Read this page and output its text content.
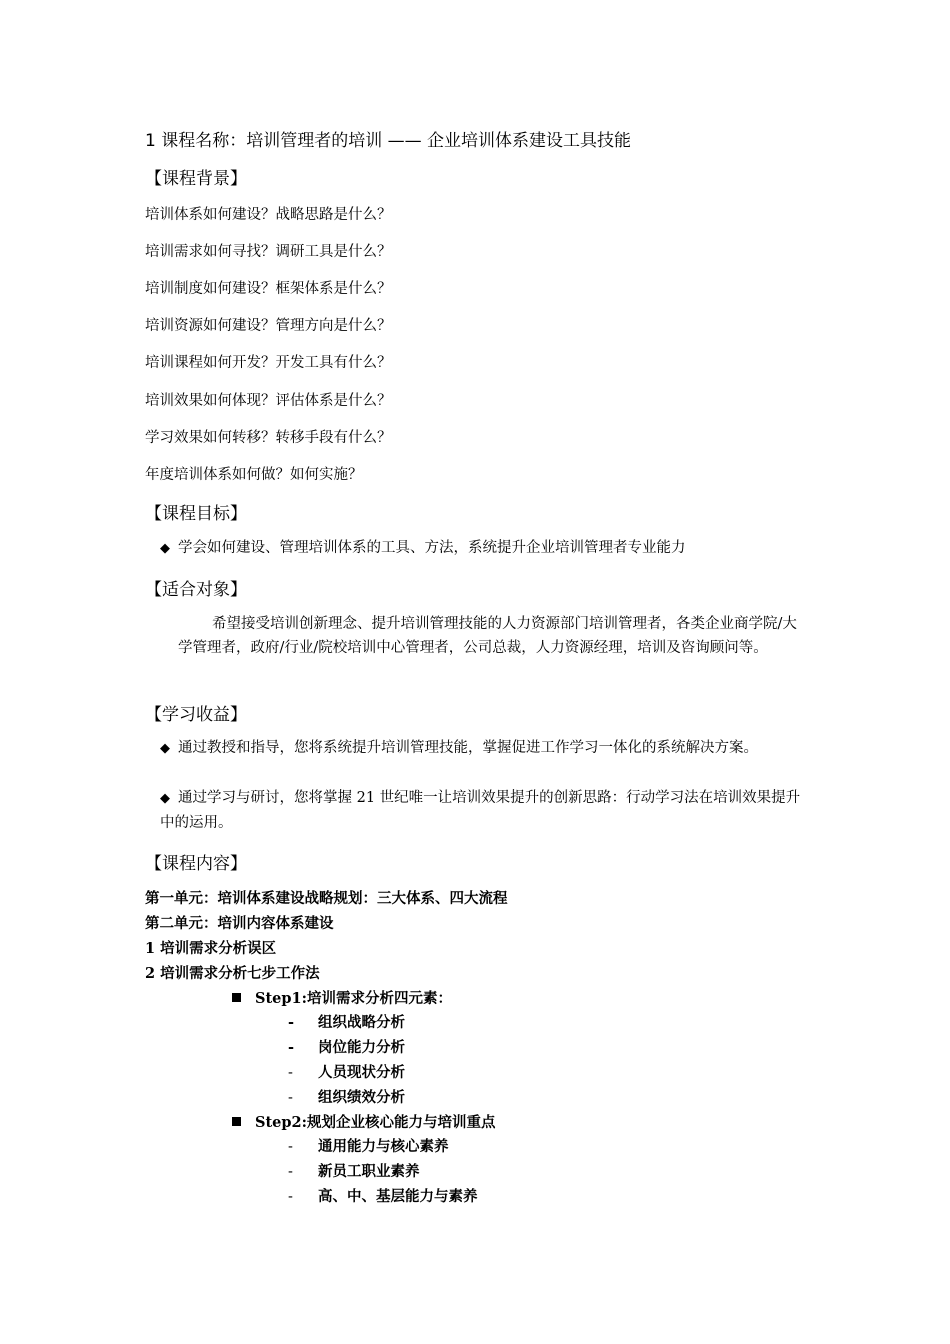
1 课程名称：培训管理者的培训 —— 企业培训体系建设工具技能
【课程背景】
培训体系如何建设？战略思路是什么？
培训需求如何寻找？调研工具是什么？
培训制度如何建设？框架体系是什么？
培训资源如何建设？管理方向是什么？
培训课程如何开发？开发工具有什么？
培训效果如何体现？评估体系是什么？
学习效果如何转移？转移手段有什么？
年度培训体系如何做？如何实施？
【课程目标】
◆ 学会如何建设、管理培训体系的工具、方法，系统提升企业培训管理者专业能力
【适合对象】
希望接受培训创新理念、提升培训管理技能的人力资源部门培训管理者，各类企业商学院/大学管理者，政府/行业/院校培训中心管理者，公司总裁，人力资源经理，培训及咨询顾问等。
【学习收益】
◆ 通过教授和指导，您将系统提升培训管理技能，掌握促进工作学习一体化的系统解决方案。
◆ 通过学习与研讨，您将掌握 21 世纪唯一让培训效果提升的创新思路：行动学习法在培训效果提升中的运用。
【课程内容】
第一单元：培训体系建设战略规划：三大体系、四大流程
第二单元：培训内容体系建设
1 培训需求分析误区
2 培训需求分析七步工作法
Step1:培训需求分析四元素：
- 组织战略分析
- 岗位能力分析
- 人员现状分析
- 组织绩效分析
Step2:规划企业核心能力与培训重点
- 通用能力与核心素养
- 新员工职业素养
- 高、中、基层能力与素养
